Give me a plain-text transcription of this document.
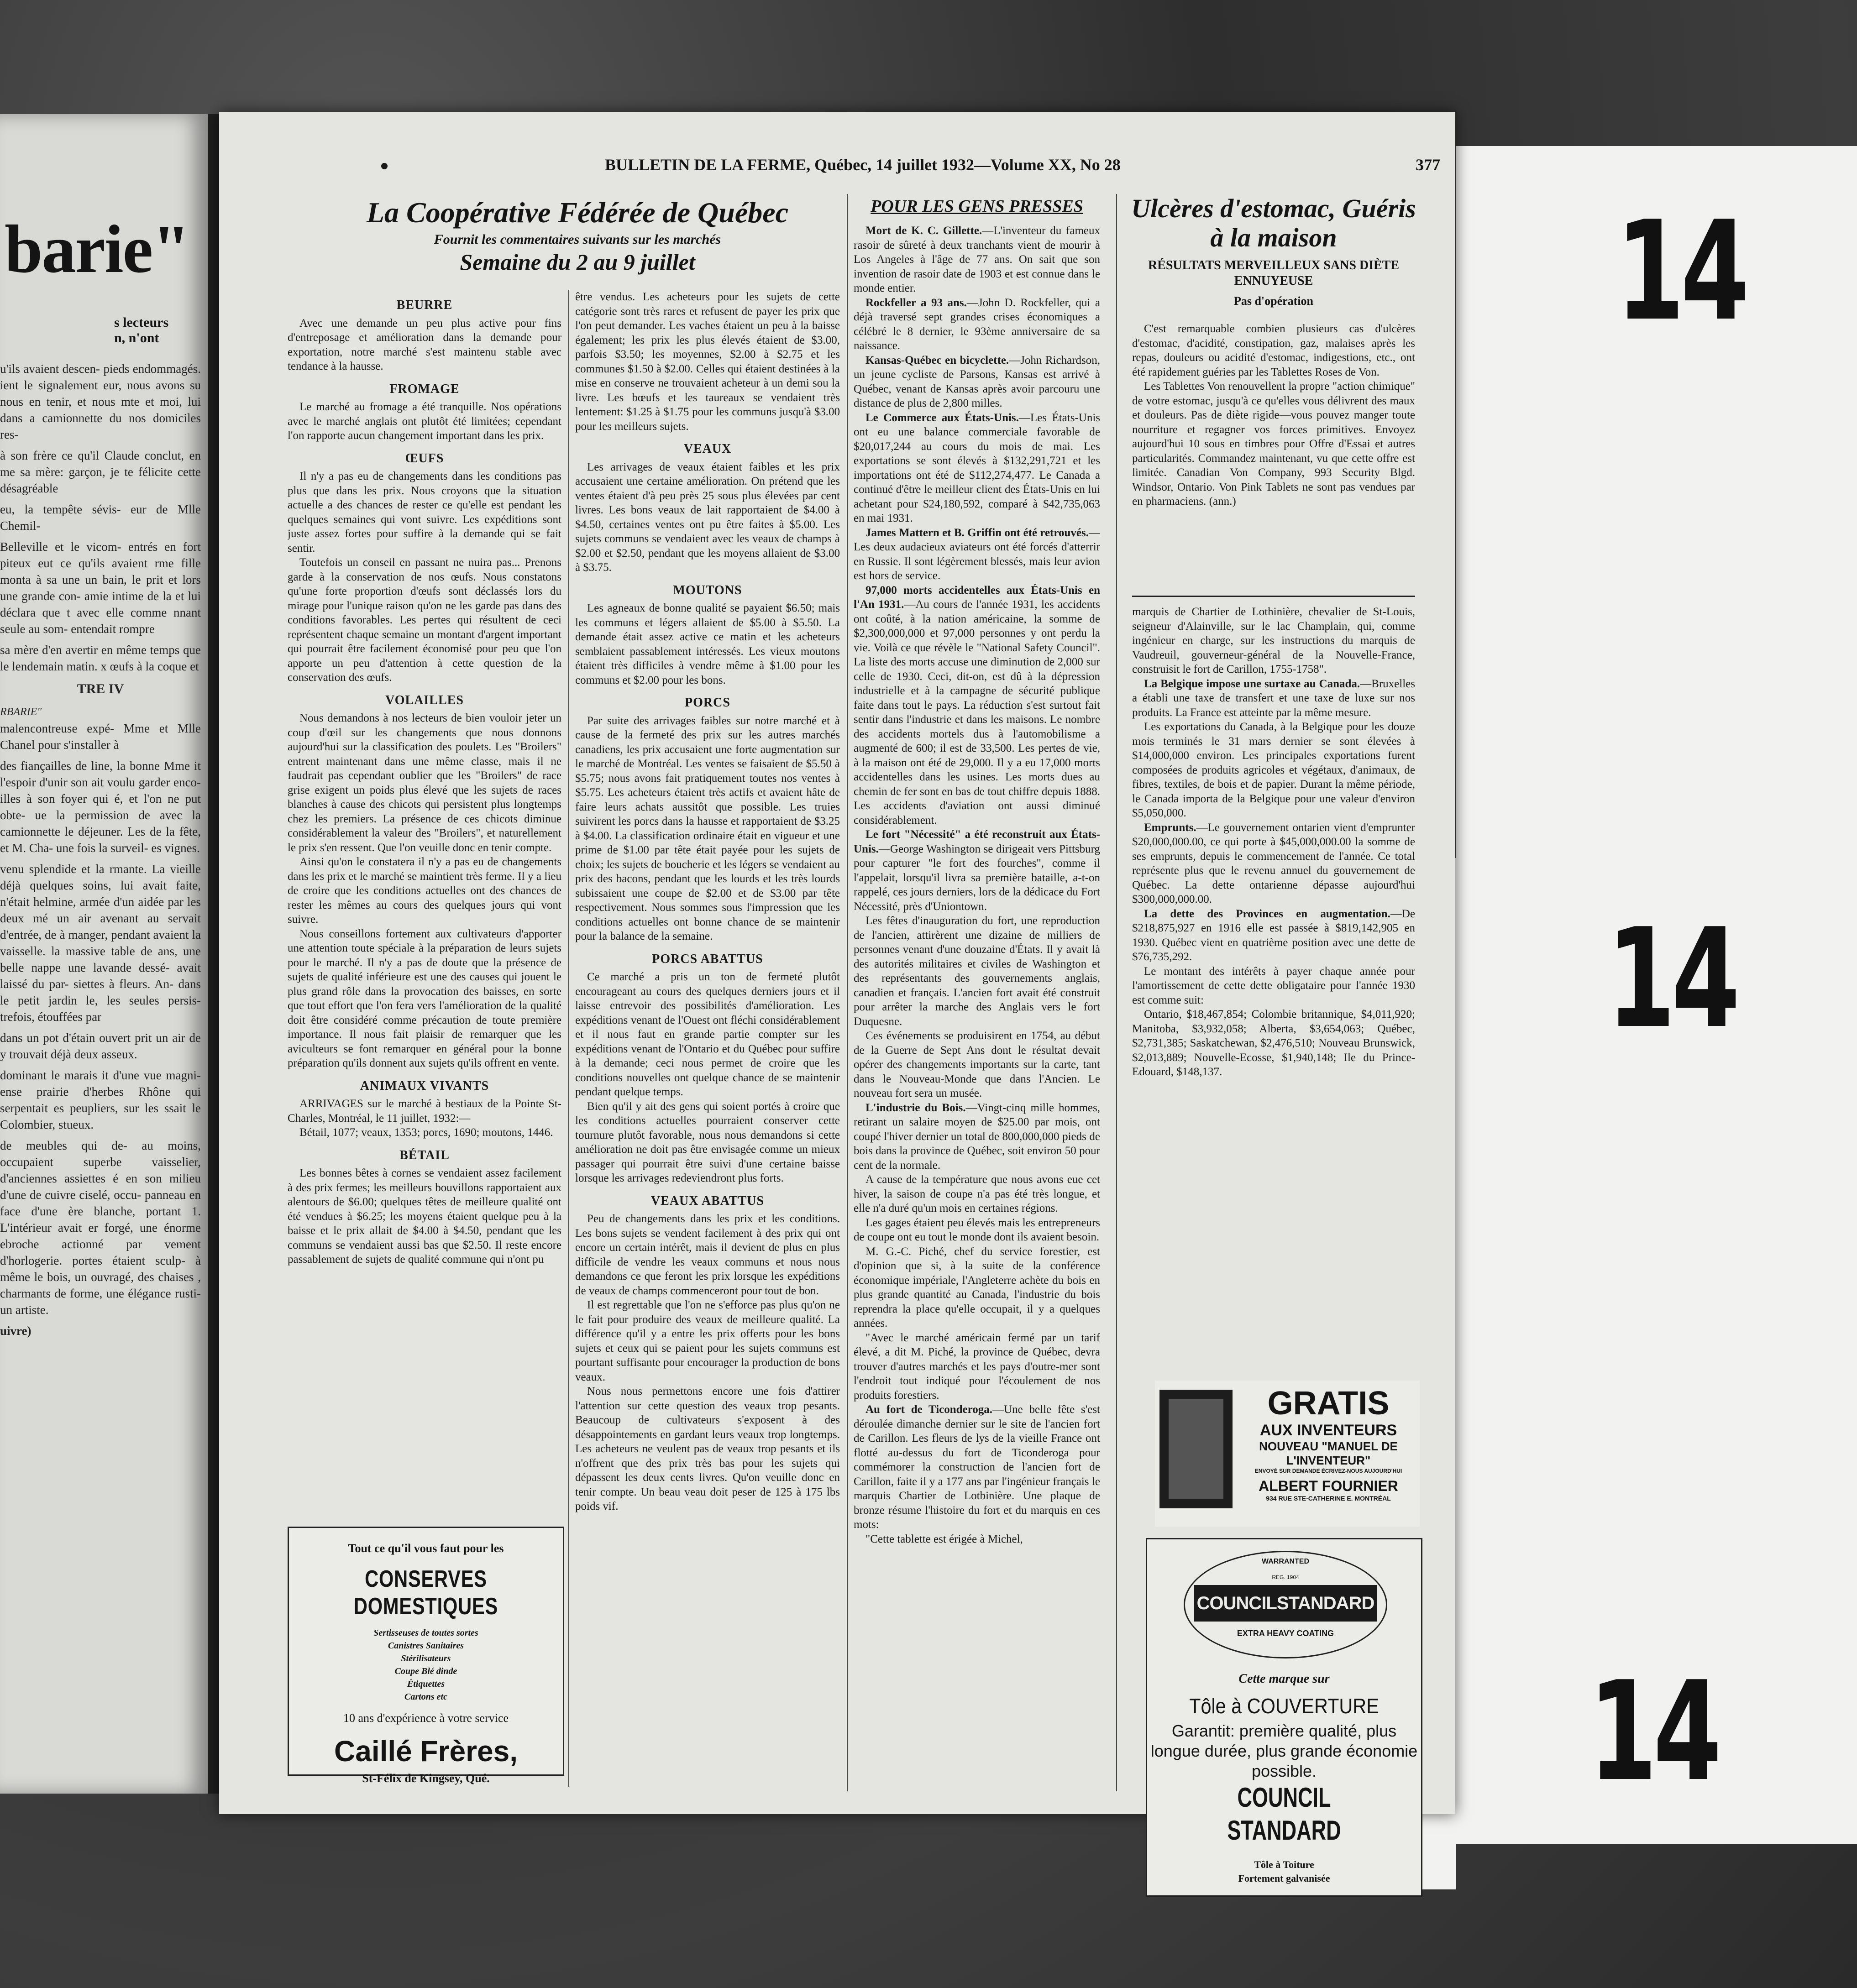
barie"
s lecteurs
n, n'ont

u'ils avaient descen- pieds endommagés. ient le signalement eur, nous avons su nous en tenir, et nous mte et moi, lui dans a camionnette du nos domiciles res-

à son frère ce qu'il Claude conclut, en me sa mère: garçon, je te félicite cette désagréable

eu, la tempête sévis- eur de Mlle Chemil-

Belleville et le vicom- entrés en fort piteux eut ce qu'ils avaient rme fille monta à sa une un bain, le prit et lors une grande con- amie intime de la et lui déclara que t avec elle comme nnant seule au som- entendait rompre

sa mère d'en avertir en même temps que le lendemain matin. x œufs à la coque et

TRE IV
RBARIE"

malencontreuse expé- Mme et Mlle Chanel pour s'installer à

des fiançailles de line, la bonne Mme it l'espoir d'unir son ait voulu garder enco- illes à son foyer qui é, et l'on ne put obte- ue la permission de avec la camionnette le déjeuner. Les de la fête, et M. Cha- une fois la surveil- es vignes.

venu splendide et la rmante. La vieille déjà quelques soins, lui avait faite, n'était helmine, armée d'un aidée par les deux mé un air avenant au servait d'entrée, de à manger, pendant avaient la vaisselle. la massive table de ans, une belle nappe une lavande dessé- avait laissé du par- siettes à fleurs. An- dans le petit jardin le, les seules persis- trefois, étouffées par

dans un pot d'étain ouvert prit un air de y trouvait déjà deux asseux.

dominant le marais it d'une vue magni- ense prairie d'herbes Rhône qui serpentait es peupliers, sur les ssait le Colombier, stueux.

de meubles qui de- au moins, occupaient superbe vaisselier, d'anciennes assiettes é en son milieu d'une de cuivre ciselé, occu- panneau en face d'une ère blanche, portant 1. L'intérieur avait er forgé, une énorme ebroche actionné par vement d'horlogerie. portes étaient sculp- à même le bois, un ouvragé, des chaises , charmants de forme, une élégance rusti- un artiste.

uivre)

14
14
14
BULLETIN DE LA FERME, Québec, 14 juillet 1932—Volume XX, No 28	377
La Coopérative Fédérée de Québec
Fournit les commentaires suivants sur les marchés
Semaine du 2 au 9 juillet
BEURRE

Avec une demande un peu plus active pour fins d'entreposage et amélioration dans la demande pour exportation, notre marché s'est maintenu stable avec tendance à la hausse.

FROMAGE

Le marché au fromage a été tranquille. Nos opérations avec le marché anglais ont plutôt été limitées; cependant l'on rapporte aucun changement important dans les prix.

ŒUFS

Il n'y a pas eu de changements dans les conditions pas plus que dans les prix. Nous croyons que la situation actuelle a des chances de rester ce qu'elle est pendant les quelques semaines qui vont suivre. Les expéditions sont juste assez fortes pour suffire à la demande qui se fait sentir.

Toutefois un conseil en passant ne nuira pas... Prenons garde à la conservation de nos œufs. Nous constatons qu'une forte proportion d'œufs sont déclassés lors du mirage pour l'unique raison qu'on ne les garde pas dans des conditions favorables. Les pertes qui résultent de ceci représentent chaque semaine un montant d'argent important qui pourrait être facilement économisé pour peu que l'on apporte un peu d'attention à cette question de la conservation des œufs.

VOLAILLES

Nous demandons à nos lecteurs de bien vouloir jeter un coup d'œil sur les changements que nous donnons aujourd'hui sur la classification des poulets. Les "Broilers" entrent maintenant dans une même classe, mais il ne faudrait pas cependant oublier que les "Broilers" de race grise exigent un poids plus élevé que les sujets de races blanches à cause des chicots qui persistent plus longtemps chez les premiers. La présence de ces chicots diminue considérablement la valeur des "Broilers", et naturellement le prix s'en ressent. Que l'on veuille donc en tenir compte.

Ainsi qu'on le constatera il n'y a pas eu de changements dans les prix et le marché se maintient très ferme. Il y a lieu de croire que les conditions actuelles ont des chances de rester les mêmes au cours des quelques jours qui vont suivre.

Nous conseillons fortement aux cultivateurs d'apporter une attention toute spéciale à la préparation de leurs sujets pour le marché. Il n'y a pas de doute que la présence de sujets de qualité inférieure est une des causes qui jouent le plus grand rôle dans la provocation des baisses, en sorte que tout effort que l'on fera vers l'amélioration de la qualité doit être considéré comme précaution de toute première importance. Il nous fait plaisir de remarquer que les aviculteurs se font remarquer en général pour la bonne préparation qu'ils donnent aux sujets qu'ils offrent en vente.

ANIMAUX VIVANTS

ARRIVAGES sur le marché à bestiaux de la Pointe St-Charles, Montréal, le 11 juillet, 1932:—

Bétail, 1077; veaux, 1353; porcs, 1690; moutons, 1446.

BÉTAIL

Les bonnes bêtes à cornes se vendaient assez facilement à des prix fermes; les meilleurs bouvillons rapportaient aux alentours de $6.00; quelques têtes de meilleure qualité ont été vendues à $6.25; les moyens étaient quelque peu à la baisse et le prix allait de $4.00 à $4.50, pendant que les communs se vendaient aussi bas que $2.50. Il reste encore passablement de sujets de qualité commune qui n'ont pu

être vendus. Les acheteurs pour les sujets de cette catégorie sont très rares et refusent de payer les prix que l'on peut demander. Les vaches étaient un peu à la baisse également; les prix les plus élevés étaient de $3.00, parfois $3.50; les moyennes, $2.00 à $2.75 et les communes $1.50 à $2.00. Celles qui étaient destinées à la mise en conserve ne trouvaient acheteur à un demi sou la livre. Les bœufs et les taureaux se vendaient très lentement: $1.25 à $1.75 pour les communs jusqu'à $3.00 pour les meilleurs sujets.

VEAUX

Les arrivages de veaux étaient faibles et les prix accusaient une certaine amélioration. On prétend que les ventes étaient d'à peu près 25 sous plus élevées par cent livres. Les bons veaux de lait rapportaient de $4.00 à $4.50, certaines ventes ont pu être faites à $5.00. Les sujets communs se vendaient avec les veaux de champs à $2.00 et $2.50, pendant que les moyens allaient de $3.00 à $3.75.

MOUTONS

Les agneaux de bonne qualité se payaient $6.50; mais les communs et légers allaient de $5.00 à $5.50. La demande était assez active ce matin et les acheteurs semblaient passablement intéressés. Les vieux moutons étaient très difficiles à vendre même à $1.00 pour les communs et $2.00 pour les bons.

PORCS

Par suite des arrivages faibles sur notre marché et à cause de la fermeté des prix sur les autres marchés canadiens, les prix accusaient une forte augmentation sur le marché de Montréal. Les ventes se faisaient de $5.50 à $5.75; nous avons fait pratiquement toutes nos ventes à $5.75. Les acheteurs étaient très actifs et avaient hâte de faire leurs achats aussitôt que possible. Les truies suivirent les porcs dans la hausse et rapportaient de $3.25 à $4.00. La classification ordinaire était en vigueur et une prime de $1.00 par tête était payée pour les sujets de choix; les sujets de boucherie et les légers se vendaient au prix des bacons, pendant que les lourds et les très lourds subissaient une coupe de $2.00 et de $3.00 par tête respectivement. Nous sommes sous l'impression que les conditions actuelles ont bonne chance de se maintenir pour la balance de la semaine.

PORCS ABATTUS

Ce marché a pris un ton de fermeté plutôt encourageant au cours des quelques derniers jours et il laisse entrevoir des possibilités d'amélioration. Les expéditions venant de l'Ouest ont fléchi considérablement et il nous faut en grande partie compter sur les expéditions venant de l'Ontario et du Québec pour suffire à la demande; ceci nous permet de croire que les conditions nouvelles ont quelque chance de se maintenir pendant quelque temps.

Bien qu'il y ait des gens qui soient portés à croire que les conditions actuelles pourraient conserver cette tournure plutôt favorable, nous nous demandons si cette amélioration ne doit pas être envisagée comme un mieux passager qui pourrait être suivi d'une certaine baisse lorsque les arrivages redeviendront plus forts.

VEAUX ABATTUS

Peu de changements dans les prix et les conditions. Les bons sujets se vendent facilement à des prix qui ont encore un certain intérêt, mais il devient de plus en plus difficile de vendre les veaux communs et nous nous demandons ce que feront les prix lorsque les expéditions de veaux de champs commenceront pour tout de bon.

Il est regrettable que l'on ne s'efforce pas plus qu'on ne le fait pour produire des veaux de meilleure qualité. La différence qu'il y a entre les prix offerts pour les bons sujets et ceux qui se paient pour les sujets communs est pourtant suffisante pour encourager la production de bons veaux.

Nous nous permettons encore une fois d'attirer l'attention sur cette question des veaux trop pesants. Beaucoup de cultivateurs s'exposent à des désappointements en gardant leurs veaux trop longtemps. Les acheteurs ne veulent pas de veaux trop pesants et ils n'offrent que des prix très bas pour les sujets qui dépassent les deux cents livres. Qu'on veuille donc en tenir compte. Un beau veau doit peser de 125 à 175 lbs poids vif.

Tout ce qu'il vous faut pour les
CONSERVES DOMESTIQUES
Sertisseuses de toutes sortes
Canistres Sanitaires
Stérilisateurs
Coupe Blé dinde
Étiquettes
Cartons etc
10 ans d'expérience à votre service
Caillé Frères,
St-Félix de Kingsey, Qué.
POUR LES GENS PRESSES

Mort de K. C. Gillette.—L'inventeur du fameux rasoir de sûreté à deux tranchants vient de mourir à Los Angeles à l'âge de 77 ans. On sait que son invention de rasoir date de 1903 et est connue dans le monde entier.

Rockfeller a 93 ans.—John D. Rockfeller, qui a déjà traversé sept grandes crises économiques a célébré le 8 dernier, le 93ème anniversaire de sa naissance.

Kansas-Québec en bicyclette.—John Richardson, un jeune cycliste de Parsons, Kansas est arrivé à Québec, venant de Kansas après avoir parcouru une distance de plus de 2,800 milles.

Le Commerce aux États-Unis.—Les États-Unis ont eu une balance commerciale favorable de $20,017,244 au cours du mois de mai. Les exportations se sont élevés à $132,291,721 et les importations ont été de $112,274,477. Le Canada a continué d'être le meilleur client des États-Unis en lui achetant pour $24,180,592, comparé à $42,735,063 en mai 1931.

James Mattern et B. Griffin ont été retrouvés.—Les deux audacieux aviateurs ont été forcés d'atterrir en Russie. Il sont légèrement blessés, mais leur avion est hors de service.

97,000 morts accidentelles aux États-Unis en l'An 1931.—Au cours de l'année 1931, les accidents ont coûté, à la nation américaine, la somme de $2,300,000,000 et 97,000 personnes y ont perdu la vie. Voilà ce que révèle le "National Safety Council". La liste des morts accuse une diminution de 2,000 sur celle de 1930. Ceci, dit-on, est dû à la dépression industrielle et à la campagne de sécurité publique faite dans tout le pays. La réduction s'est surtout fait sentir dans l'industrie et dans les maisons. Le nombre des accidents mortels dus à l'automobilisme a augmenté de 600; il est de 33,500. Les pertes de vie, à la maison ont été de 29,000. Il y a eu 17,000 morts accidentelles dans les usines. Les morts dues au chemin de fer sont en bas de tout chiffre depuis 1888. Les accidents d'aviation ont aussi diminué considérablement.

Le fort "Nécessité" a été reconstruit aux États-Unis.—George Washington se dirigeait vers Pittsburg pour capturer "le fort des fourches", comme il l'appelait, lorsqu'il livra sa première bataille, a-t-on rappelé, ces jours derniers, lors de la dédicace du Fort Nécessité, près d'Uniontown.

Les fêtes d'inauguration du fort, une reproduction de l'ancien, attirèrent une dizaine de milliers de personnes venant d'une douzaine d'États. Il y avait là des autorités militaires et civiles de Washington et des représentants des gouvernements anglais, canadien et français. L'ancien fort avait été construit pour arrêter la marche des Anglais vers le fort Duquesne.

Ces événements se produisirent en 1754, au début de la Guerre de Sept Ans dont le résultat devait opérer des changements importants sur la carte, tant dans le Nouveau-Monde que dans l'Ancien. Le nouveau fort sera un musée.

L'industrie du Bois.—Vingt-cinq mille hommes, retirant un salaire moyen de $25.00 par mois, ont coupé l'hiver dernier un total de 800,000,000 pieds de bois dans la province de Québec, soit environ 50 pour cent de la normale.

A cause de la température que nous avons eue cet hiver, la saison de coupe n'a pas été très longue, et elle n'a duré qu'un mois en certaines régions.

Les gages étaient peu élevés mais les entrepreneurs de coupe ont eu tout le monde dont ils avaient besoin.

M. G.-C. Piché, chef du service forestier, est d'opinion que si, à la suite de la conférence économique impériale, l'Angleterre achète du bois en plus grande quantité au Canada, l'industrie du bois reprendra la place qu'elle occupait, il y a quelques années.

"Avec le marché américain fermé par un tarif élevé, a dit M. Piché, la province de Québec, devra trouver d'autres marchés et les pays d'outre-mer sont l'endroit tout indiqué pour l'écoulement de nos produits forestiers.

Au fort de Ticonderoga.—Une belle fête s'est déroulée dimanche dernier sur le site de l'ancien fort de Carillon. Les fleurs de lys de la vieille France ont flotté au-dessus du fort de Ticonderoga pour commémorer la construction de l'ancien fort de Carillon, faite il y a 177 ans par l'ingénieur français le marquis Chartier de Lotbinière. Une plaque de bronze résume l'histoire du fort et du marquis en ces mots:

"Cette tablette est érigée à Michel,

Ulcères d'estomac, Guéris à la maison
RÉSULTATS MERVEILLEUX SANS DIÈTE ENNUYEUSE
Pas d'opération

C'est remarquable combien plusieurs cas d'ulcères d'estomac, d'acidité, constipation, gaz, malaises après les repas, douleurs ou acidité d'estomac, indigestions, etc., ont été rapidement guéries par les Tablettes Roses de Von.

Les Tablettes Von renouvellent la propre "action chimique" de votre estomac, jusqu'à ce qu'elles vous délivrent des maux et douleurs. Pas de diète rigide—vous pouvez manger toute nourriture et regagner vos forces primitives. Envoyez aujourd'hui 10 sous en timbres pour Offre d'Essai et autres particularités. Commandez maintenant, vu que cette offre est limitée. Canadian Von Company, 993 Security Blgd. Windsor, Ontario. Von Pink Tablets ne sont pas vendues par en pharmaciens. (ann.)

marquis de Chartier de Lothinière, chevalier de St-Louis, seigneur d'Alainville, sur le lac Champlain, qui, comme ingénieur en charge, sur les instructions du marquis de Vaudreuil, gouverneur-général de la Nouvelle-France, construisit le fort de Carillon, 1755-1758".

La Belgique impose une surtaxe au Canada.—Bruxelles a établi une taxe de transfert et une taxe de luxe sur nos produits. La France est atteinte par la même mesure.

Les exportations du Canada, à la Belgique pour les douze mois terminés le 31 mars dernier se sont élevées à $14,000,000 environ. Les principales exportations furent composées de produits agricoles et végétaux, d'animaux, de fibres, textiles, de bois et de papier. Durant la même période, le Canada importa de la Belgique pour une valeur d'environ $5,050,000.

Emprunts.—Le gouvernement ontarien vient d'emprunter $20,000,000.00, ce qui porte à $45,000,000.00 la somme de ses emprunts, depuis le commencement de l'année. Ce total représente plus que le revenu annuel du gouvernement de Québec. La dette ontarienne dépasse aujourd'hui $300,000,000.00.

La dette des Provinces en augmentation.—De $218,875,927 en 1916 elle est passée à $819,142,905 en 1930. Québec vient en quatrième position avec une dette de $76,735,292.

Le montant des intérêts à payer chaque année pour l'amortissement de cette dette obligataire pour l'année 1930 est comme suit:

Ontario, $18,467,854; Colombie britannique, $4,011,920; Manitoba, $3,932,058; Alberta, $3,654,063; Québec, $2,731,385; Saskatchewan, $2,476,510; Nouveau Brunswick, $2,013,889; Nouvelle-Ecosse, $1,940,148; Ile du Prince-Edouard, $148,137.

GRATIS
AUX INVENTEURS
NOUVEAU "MANUEL DE L'INVENTEUR"
ENVOYÉ SUR DEMANDE ÉCRIVEZ-NOUS AUJOURD'HUI
ALBERT FOURNIER
934 RUE STE-CATHERINE E. MONTRÉAL
WARRANTED
REG. 1904
COUNCILSTANDARD
EXTRA HEAVY COATING
Cette marque sur
Tôle à COUVERTURE
Garantit: première qualité, plus longue durée, plus grande économie possible.
COUNCIL
STANDARD
Tôle à Toiture
Fortement galvanisée
